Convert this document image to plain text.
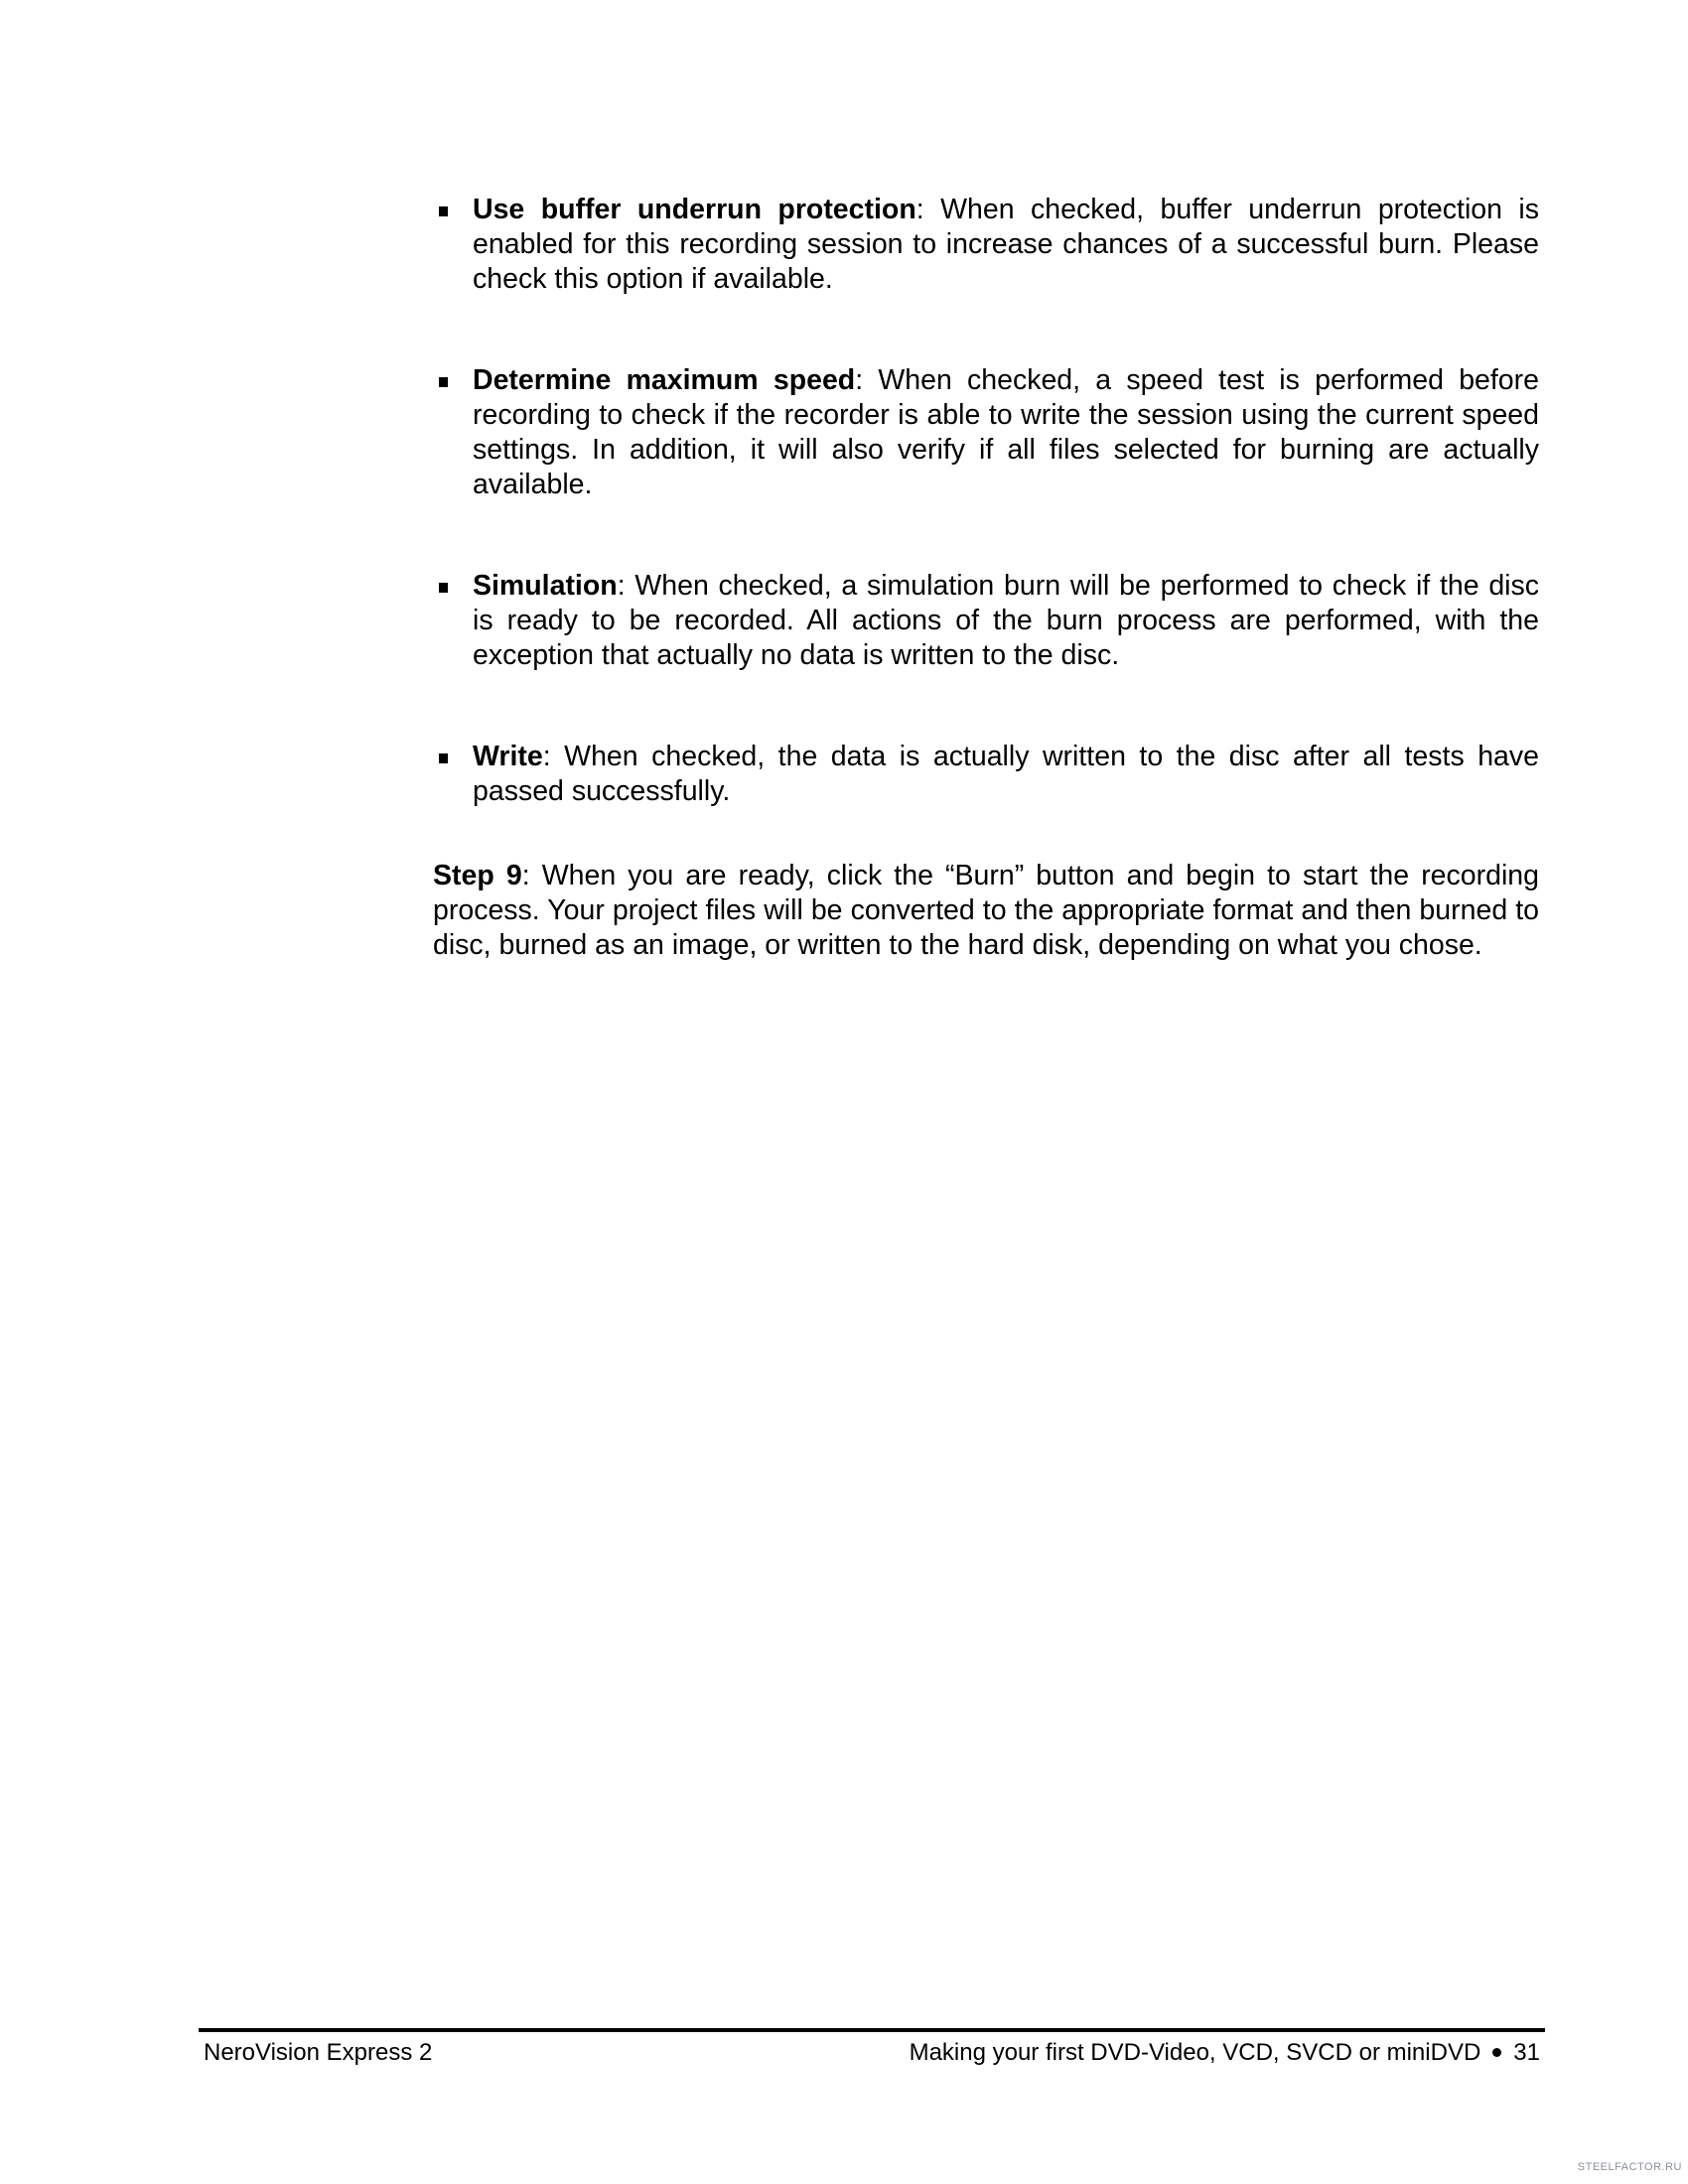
Use buffer underrun protection: When checked, buffer underrun protection is enabled for this recording session to increase chances of a successful burn. Please check this option if available.
Determine maximum speed: When checked, a speed test is performed before recording to check if the recorder is able to write the session using the current speed settings. In addition, it will also verify if all files selected for burning are actually available.
Simulation: When checked, a simulation burn will be performed to check if the disc is ready to be recorded. All actions of the burn process are performed, with the exception that actually no data is written to the disc.
Write: When checked, the data is actually written to the disc after all tests have passed successfully.
Step 9: When you are ready, click the “Burn” button and begin to start the recording process. Your project files will be converted to the appropriate format and then burned to disc, burned as an image, or written to the hard disk, depending on what you chose.
NeroVision Express 2	Making your first DVD-Video, VCD, SVCD or miniDVD 31
STEELFACTOR.RU
